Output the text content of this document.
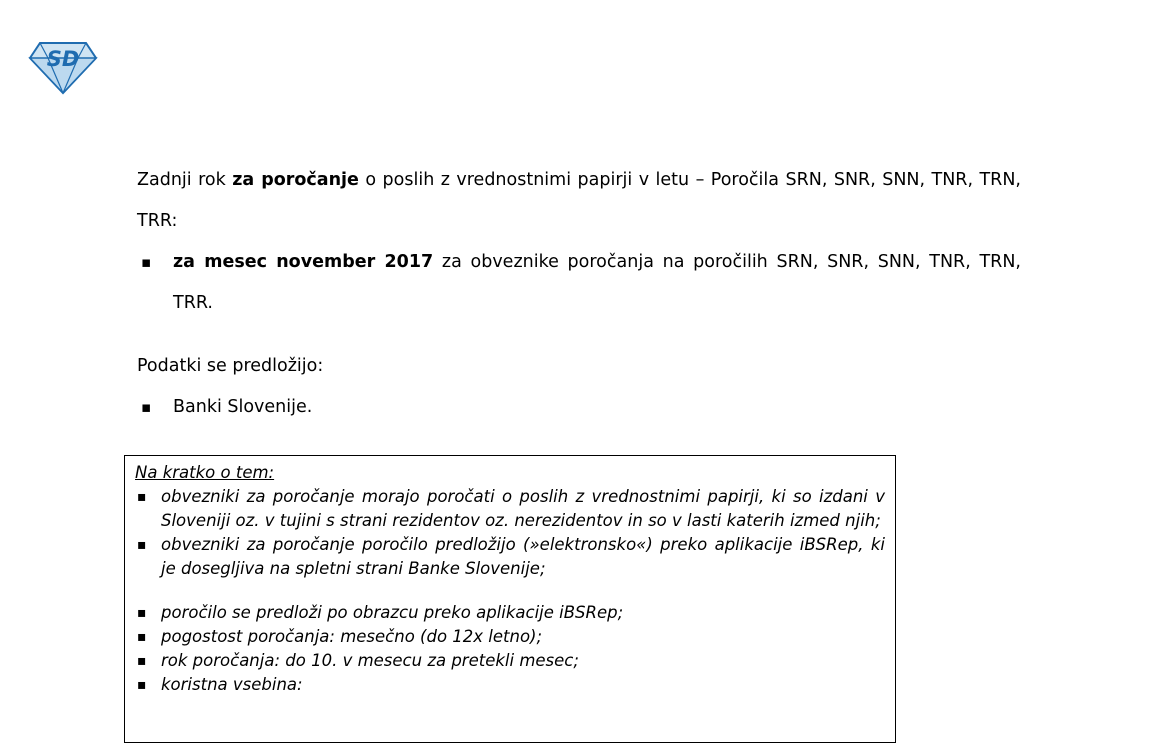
SD

Zadnji rok za poročanje o poslih z vrednostnimi papirji v letu – Poročila SRN, SNR, SNN, TNR, TRN, TRR:

▪ za mesec november 2017 za obveznike poročanja na poročilih SRN, SNR, SNN, TNR, TRN, TRR.

Podatki se predložijo:

▪ Banki Slovenije.

Na kratko o tem:

▪ obvezniki za poročanje morajo poročati o poslih z vrednostnimi papirji, ki so izdani v Sloveniji oz. v tujini s strani rezidentov oz. nerezidentov in so v lasti katerih izmed njih;
▪ obvezniki za poročanje poročilo predložijo (»elektronsko«) preko aplikacije iBSRep, ki je dosegljiva na spletni strani Banke Slovenije;
▪ poročilo se predloži po obrazcu preko aplikacije iBSRep;
▪ pogostost poročanja: mesečno (do 12x letno);
▪ rok poročanja: do 10. v mesecu za pretekli mesec;
▪ koristna vsebina:
